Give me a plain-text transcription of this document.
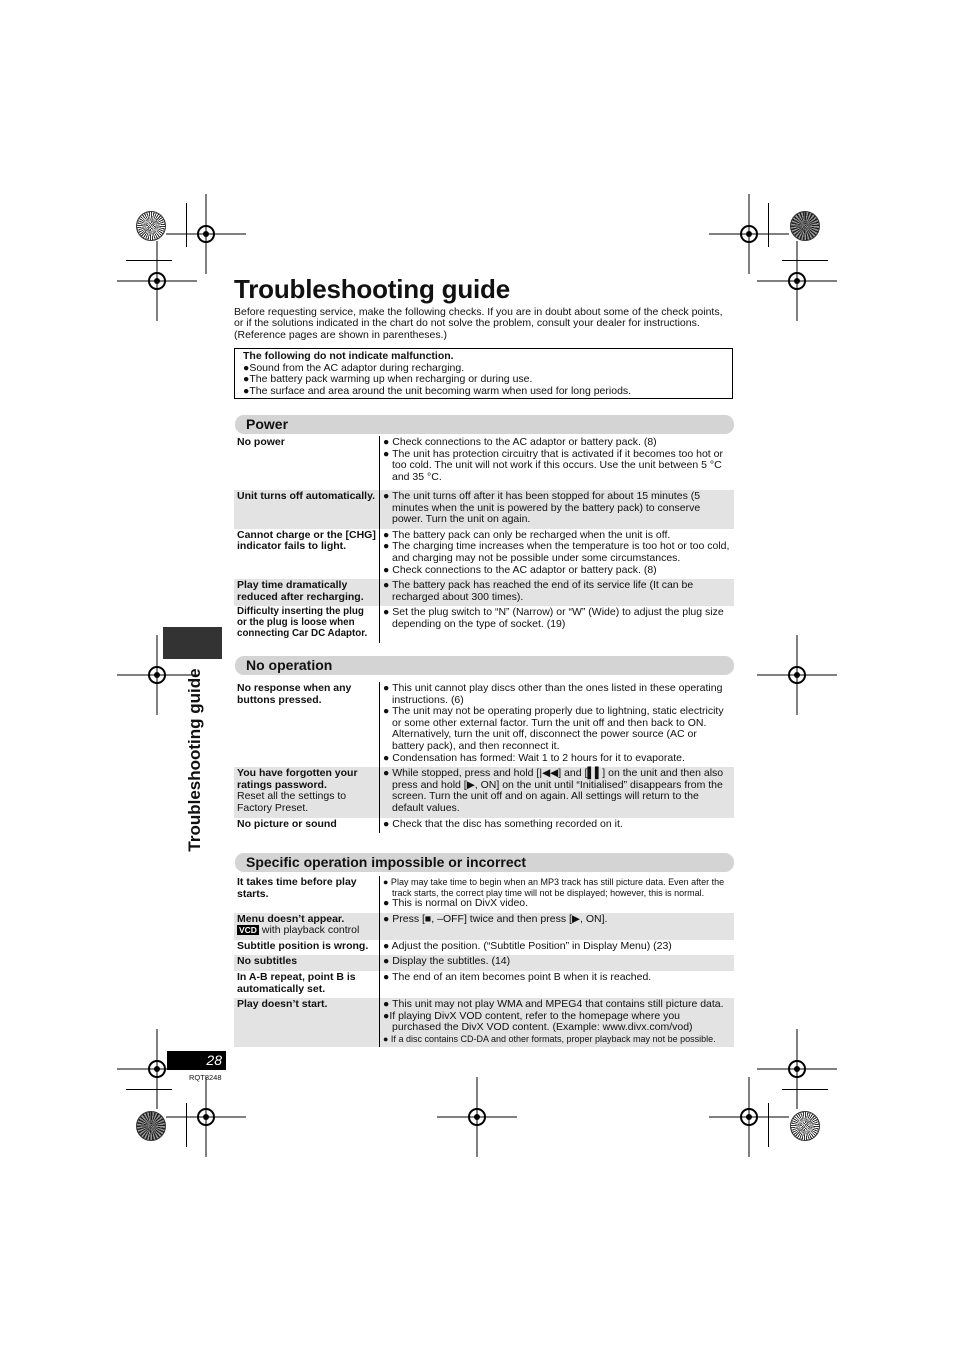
Troubleshooting guide
Before requesting service, make the following checks. If you are in doubt about some of the check points, or if the solutions indicated in the chart do not solve the problem, consult your dealer for instructions. (Reference pages are shown in parentheses.)
The following do not indicate malfunction.
●Sound from the AC adaptor during recharging.
●The battery pack warming up when recharging or during use.
●The surface and area around the unit becoming warm when used for long periods.
Power
No power	● Check connections to the AC adaptor or battery pack. (8)
● The unit has protection circuitry that is activated if it becomes too hot or too cold. The unit will not work if this occurs. Use the unit between 5 °C and 35 °C.

Unit turns off automatically.	● The unit turns off after it has been stopped for about 15 minutes (5 minutes when the unit is powered by the battery pack) to conserve power. Turn the unit on again.

Cannot charge or the [CHG] indicator fails to light.	● The battery pack can only be recharged when the unit is off.
● The charging time increases when the temperature is too hot or too cold, and charging may not be possible under some circumstances.
● Check connections to the AC adaptor or battery pack. (8)

Play time dramatically reduced after recharging.	● The battery pack has reached the end of its service life (It can be recharged about 300 times).

Difficulty inserting the plug or the plug is loose when connecting Car DC Adaptor.	● Set the plug switch to “N” (Narrow) or “W” (Wide) to adjust the plug size depending on the type of socket. (19)
No operation
No response when any buttons pressed.	● This unit cannot play discs other than the ones listed in these operating instructions. (6)
● The unit may not be operating properly due to lightning, static electricity or some other external factor. Turn the unit off and then back to ON. Alternatively, turn the unit off, disconnect the power source (AC or battery pack), and then reconnect it.
● Condensation has formed: Wait 1 to 2 hours for it to evaporate.

You have forgotten your ratings password.
Reset all the settings to Factory Preset.	● While stopped, press and hold [|◀◀] and [▌▌] on the unit and then also press and hold [▶, ON] on the unit until “Initialised” disappears from the screen. Turn the unit off and on again. All settings will return to the default values.

No picture or sound	● Check that the disc has something recorded on it.
Specific operation impossible or incorrect
It takes time before play starts.	● Play may take time to begin when an MP3 track has still picture data. Even after the track starts, the correct play time will not be displayed; however, this is normal.
● This is normal on DivX video.

Menu doesn’t appear.
VCD with playback control	● Press [■, –OFF] twice and then press [▶, ON].

Subtitle position is wrong.	● Adjust the position. (“Subtitle Position” in Display Menu) (23)

No subtitles	● Display the subtitles. (14)

In A-B repeat, point B is automatically set.	● The end of an item becomes point B when it is reached.

Play doesn’t start.	● This unit may not play WMA and MPEG4 that contains still picture data.
●If playing DivX VOD content, refer to the homepage where you purchased the DivX VOD content. (Example: www.divx.com/vod)
● If a disc contains CD-DA and other formats, proper playback may not be possible.
Troubleshooting guide
28
RQT8248
